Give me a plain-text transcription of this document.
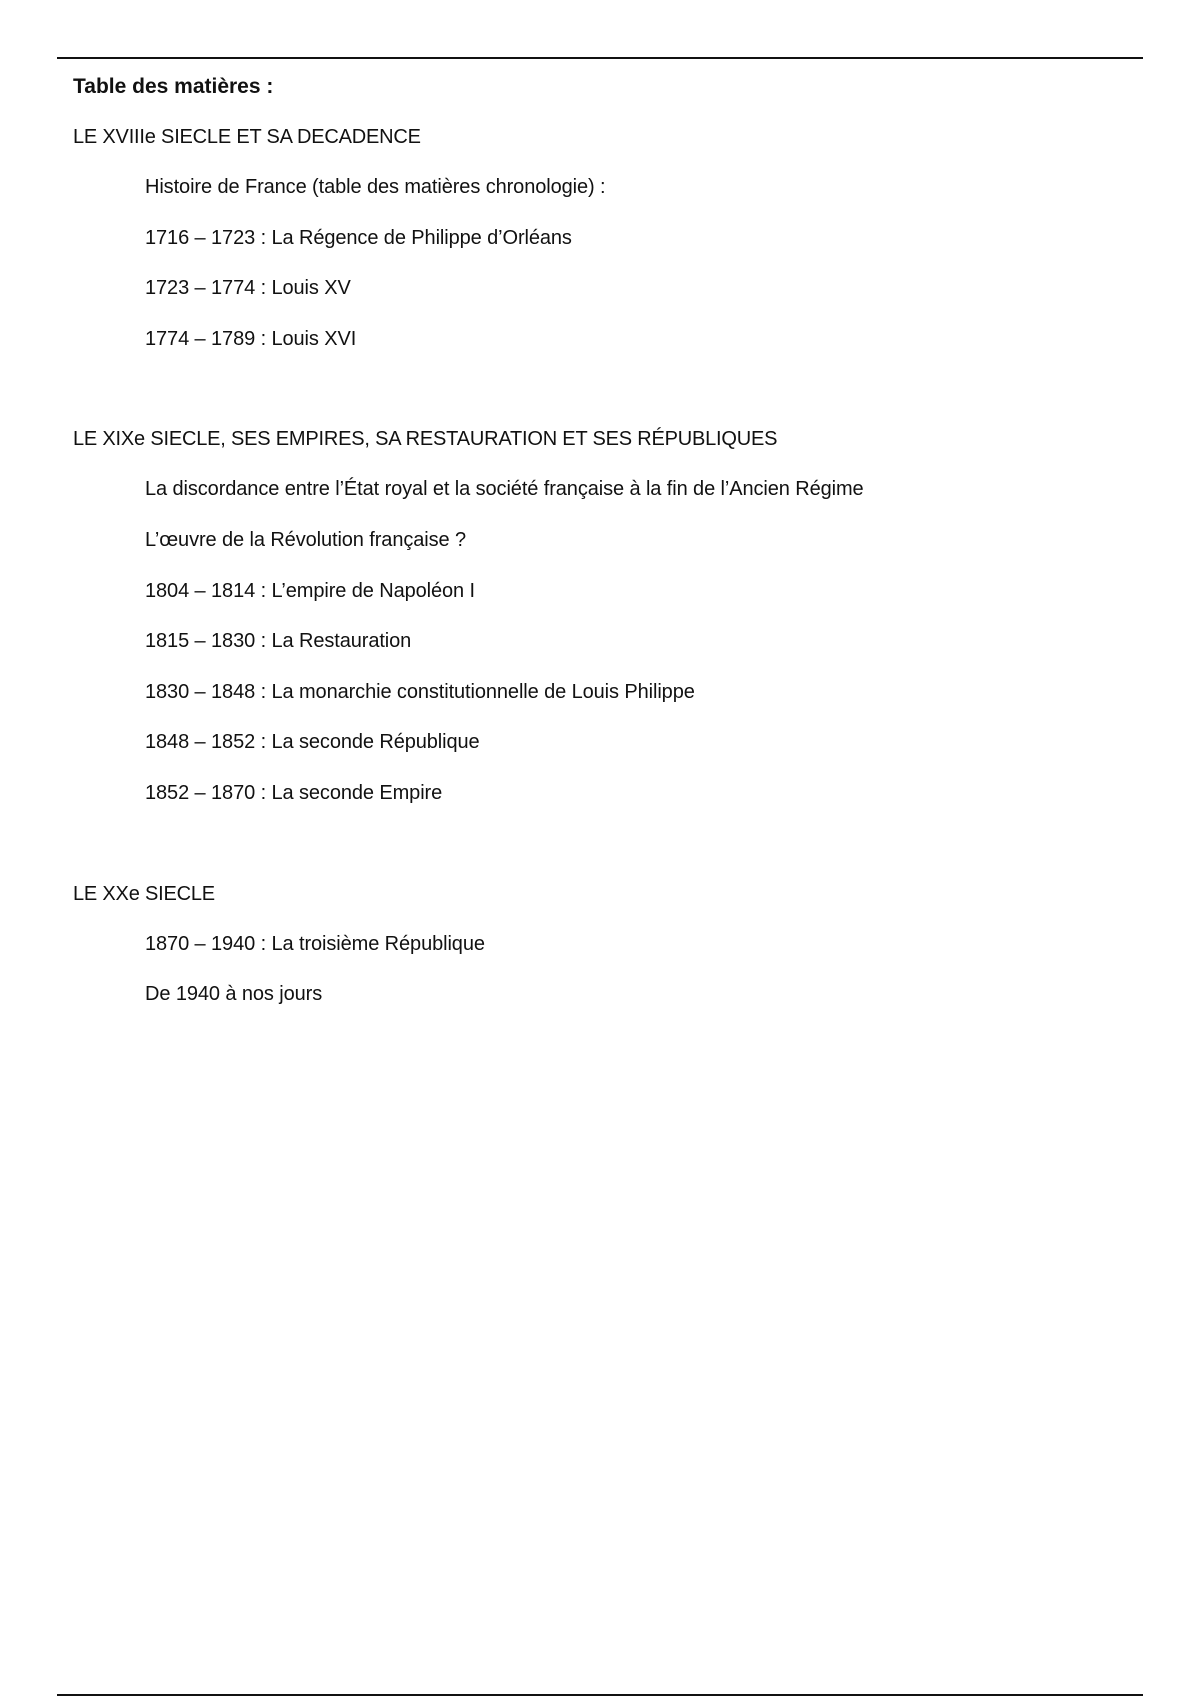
Table des matières :
LE XVIIIe SIECLE ET SA DECADENCE
Histoire de France (table des matières chronologie) :
1716 – 1723 : La Régence de Philippe d’Orléans
1723 – 1774 : Louis XV
1774 – 1789 : Louis XVI
LE XIXe SIECLE, SES EMPIRES, SA RESTAURATION ET SES RÉPUBLIQUES
La discordance entre l’État royal et la société française à la fin de l’Ancien Régime
L’œuvre de la Révolution française ?
1804 – 1814 : L’empire de Napoléon I
1815 – 1830 : La Restauration
1830 – 1848 : La monarchie constitutionnelle de Louis Philippe
1848 – 1852 : La seconde République
1852 – 1870 : La seconde Empire
LE XXe SIECLE
1870 – 1940 : La troisième République
De 1940 à nos jours
